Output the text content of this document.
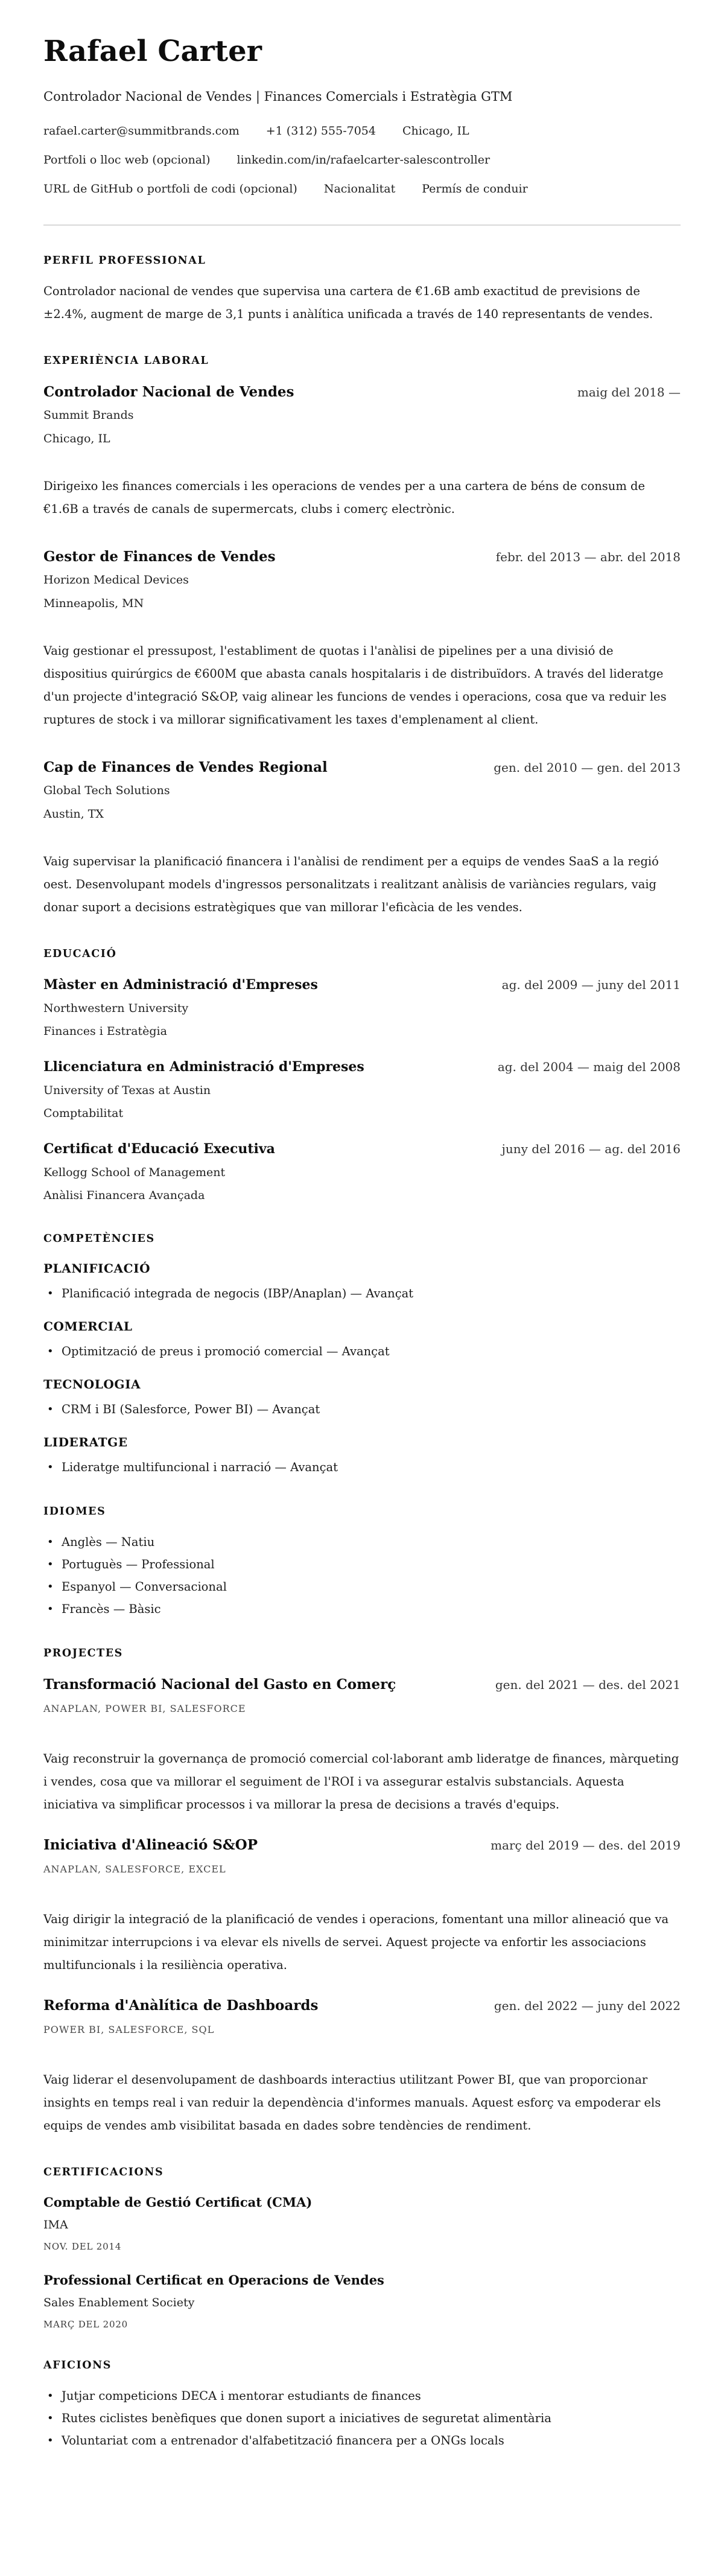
Rafael Carter
Controlador Nacional de Vendes | Finances Comercials i Estratègia GTM
rafael.carter@summitbrands.com +1 (312) 555-7054 Chicago, IL
Portfoli o lloc web (opcional) linkedin.com/in/rafaelcarter-salescontroller
URL de GitHub o portfoli de codi (opcional) Nacionalitat Permís de conduir
PERFIL PROFESSIONAL

Controlador nacional de vendes que supervisa una cartera de €1.6B amb exactitud de previsions de ±2.4%, augment de marge de 3,1 punts i anàlítica unificada a través de 140 representants de vendes.

EXPERIÈNCIA LABORAL
Controlador Nacional de Vendes	maig del 2018 —
Summit Brands
Chicago, IL

Dirigeixo les finances comercials i les operacions de vendes per a una cartera de béns de consum de €1.6B a través de canals de supermercats, clubs i comerç electrònic.

Gestor de Finances de Vendes	febr. del 2013 — abr. del 2018
Horizon Medical Devices
Minneapolis, MN

Vaig gestionar el pressupost, l'establiment de quotas i l'anàlisi de pipelines per a una divisió de dispositius quirúrgics de €600M que abasta canals hospitalaris i de distribuïdors. A través del lideratge d'un projecte d'integració S&OP, vaig alinear les funcions de vendes i operacions, cosa que va reduir les ruptures de stock i va millorar significativament les taxes d'emplenament al client.

Cap de Finances de Vendes Regional	gen. del 2010 — gen. del 2013
Global Tech Solutions
Austin, TX

Vaig supervisar la planificació financera i l'anàlisi de rendiment per a equips de vendes SaaS a la regió oest. Desenvolupant models d'ingressos personalitzats i realitzant anàlisis de variàncies regulars, vaig donar suport a decisions estratègiques que van millorar l'eficàcia de les vendes.

EDUCACIÓ
Màster en Administració d'Empreses	ag. del 2009 — juny del 2011
Northwestern University
Finances i Estratègia
Llicenciatura en Administració d'Empreses	ag. del 2004 — maig del 2008
University of Texas at Austin
Comptabilitat
Certificat d'Educació Executiva	juny del 2016 — ag. del 2016
Kellogg School of Management
Anàlisi Financera Avançada
COMPETÈNCIES
PLANIFICACIÓ
• Planificació integrada de negocis (IBP/Anaplan) — Avançat
COMERCIAL
• Optimització de preus i promoció comercial — Avançat
TECNOLOGIA
• CRM i BI (Salesforce, Power BI) — Avançat
LIDERATGE
• Lideratge multifuncional i narració — Avançat
IDIOMES
• Anglès — Natiu
• Portuguès — Professional
• Espanyol — Conversacional
• Francès — Bàsic
PROJECTES
Transformació Nacional del Gasto en Comerç	gen. del 2021 — des. del 2021
ANAPLAN, POWER BI, SALESFORCE

Vaig reconstruir la governança de promoció comercial col·laborant amb lideratge de finances, màrqueting i vendes, cosa que va millorar el seguiment de l'ROI i va assegurar estalvis substancials. Aquesta iniciativa va simplificar processos i va millorar la presa de decisions a través d'equips.

Iniciativa d'Alineació S&OP	març del 2019 — des. del 2019
ANAPLAN, SALESFORCE, EXCEL

Vaig dirigir la integració de la planificació de vendes i operacions, fomentant una millor alineació que va minimitzar interrupcions i va elevar els nivells de servei. Aquest projecte va enfortir les associacions multifuncionals i la resiliència operativa.

Reforma d'Anàlítica de Dashboards	gen. del 2022 — juny del 2022
POWER BI, SALESFORCE, SQL

Vaig liderar el desenvolupament de dashboards interactius utilitzant Power BI, que van proporcionar insights en temps real i van reduir la dependència d'informes manuals. Aquest esforç va empoderar els equips de vendes amb visibilitat basada en dades sobre tendències de rendiment.

CERTIFICACIONS
Comptable de Gestió Certificat (CMA)
IMA
NOV. DEL 2014
Professional Certificat en Operacions de Vendes
Sales Enablement Society
MARÇ DEL 2020
AFICIONS
• Jutjar competicions DECA i mentorar estudiants de finances
• Rutes ciclistes benèfiques que donen suport a iniciatives de seguretat alimentària
• Voluntariat com a entrenador d'alfabetització financera per a ONGs locals
